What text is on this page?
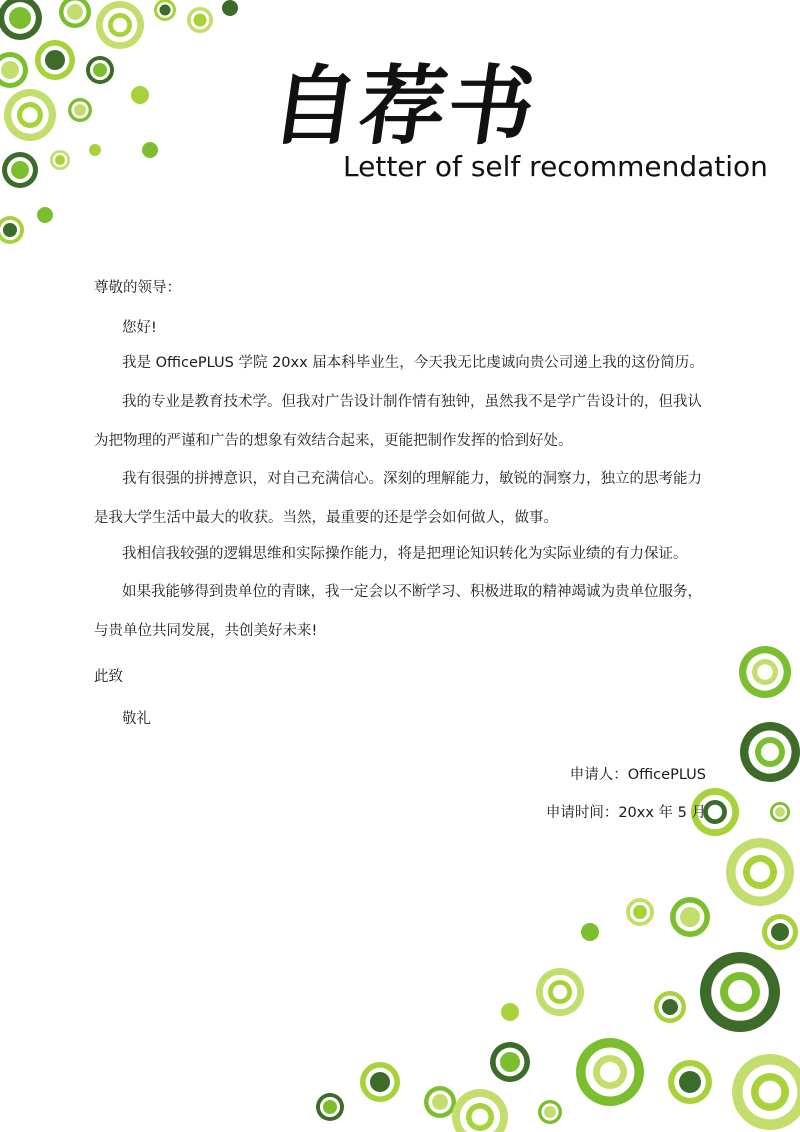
自荐书
Letter of self recommendation
尊敬的领导：
您好!
我是 OfficePLUS 学院 20xx 届本科毕业生，今天我无比虔诚向贵公司递上我的这份简历。
我的专业是教育技术学。但我对广告设计制作情有独钟，虽然我不是学广告设计的，但我认
为把物理的严谨和广告的想象有效结合起来，更能把制作发挥的恰到好处。
我有很强的拼搏意识，对自己充满信心。深刻的理解能力，敏锐的洞察力，独立的思考能力
是我大学生活中最大的收获。当然，最重要的还是学会如何做人，做事。
我相信我较强的逻辑思维和实际操作能力，将是把理论知识转化为实际业绩的有力保证。
如果我能够得到贵单位的青睐，我一定会以不断学习、积极进取的精神竭诚为贵单位服务，
与贵单位共同发展，共创美好未来!
此致
敬礼
申请人：OfficePLUS
申请时间：20xx 年 5 月
